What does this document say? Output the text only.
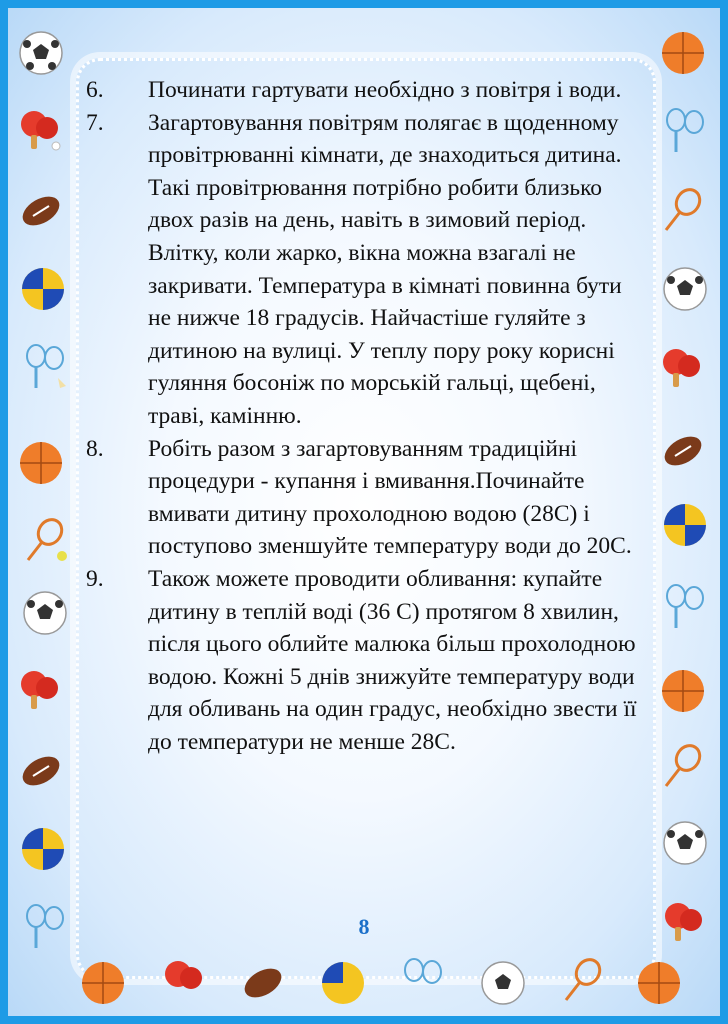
6.	Починати гартувати необхідно з повітря і води.
7.	Загартовування повітрям полягає в щоденному провітрюванні кімнати, де знаходиться дитина. Такі провітрювання потрібно робити близько двох разів на день, навіть в зимовий період. Влітку, коли жарко, вікна можна взагалі не закривати. Температура в кімнаті повинна бути не нижче 18 градусів. Найчастіше гуляйте з дитиною на вулиці. У теплу пору року корисні гуляння босоніж по морській гальці, щебені, траві, камінню.
8.	Робіть разом з загартовуванням традиційні процедури - купання і вмивання.Починайте вмивати дитину прохолодною водою (28С) і поступово зменшуйте температуру води до 20С.
9.	Також можете проводити обливання: купайте дитину в теплій воді (36 С) протягом 8 хвилин, після цього облийте малюка більш прохолодною водою. Кожні 5 днів знижуйте температуру води для обливань на один градус, необхідно звести її до температури не менше 28С.
8
